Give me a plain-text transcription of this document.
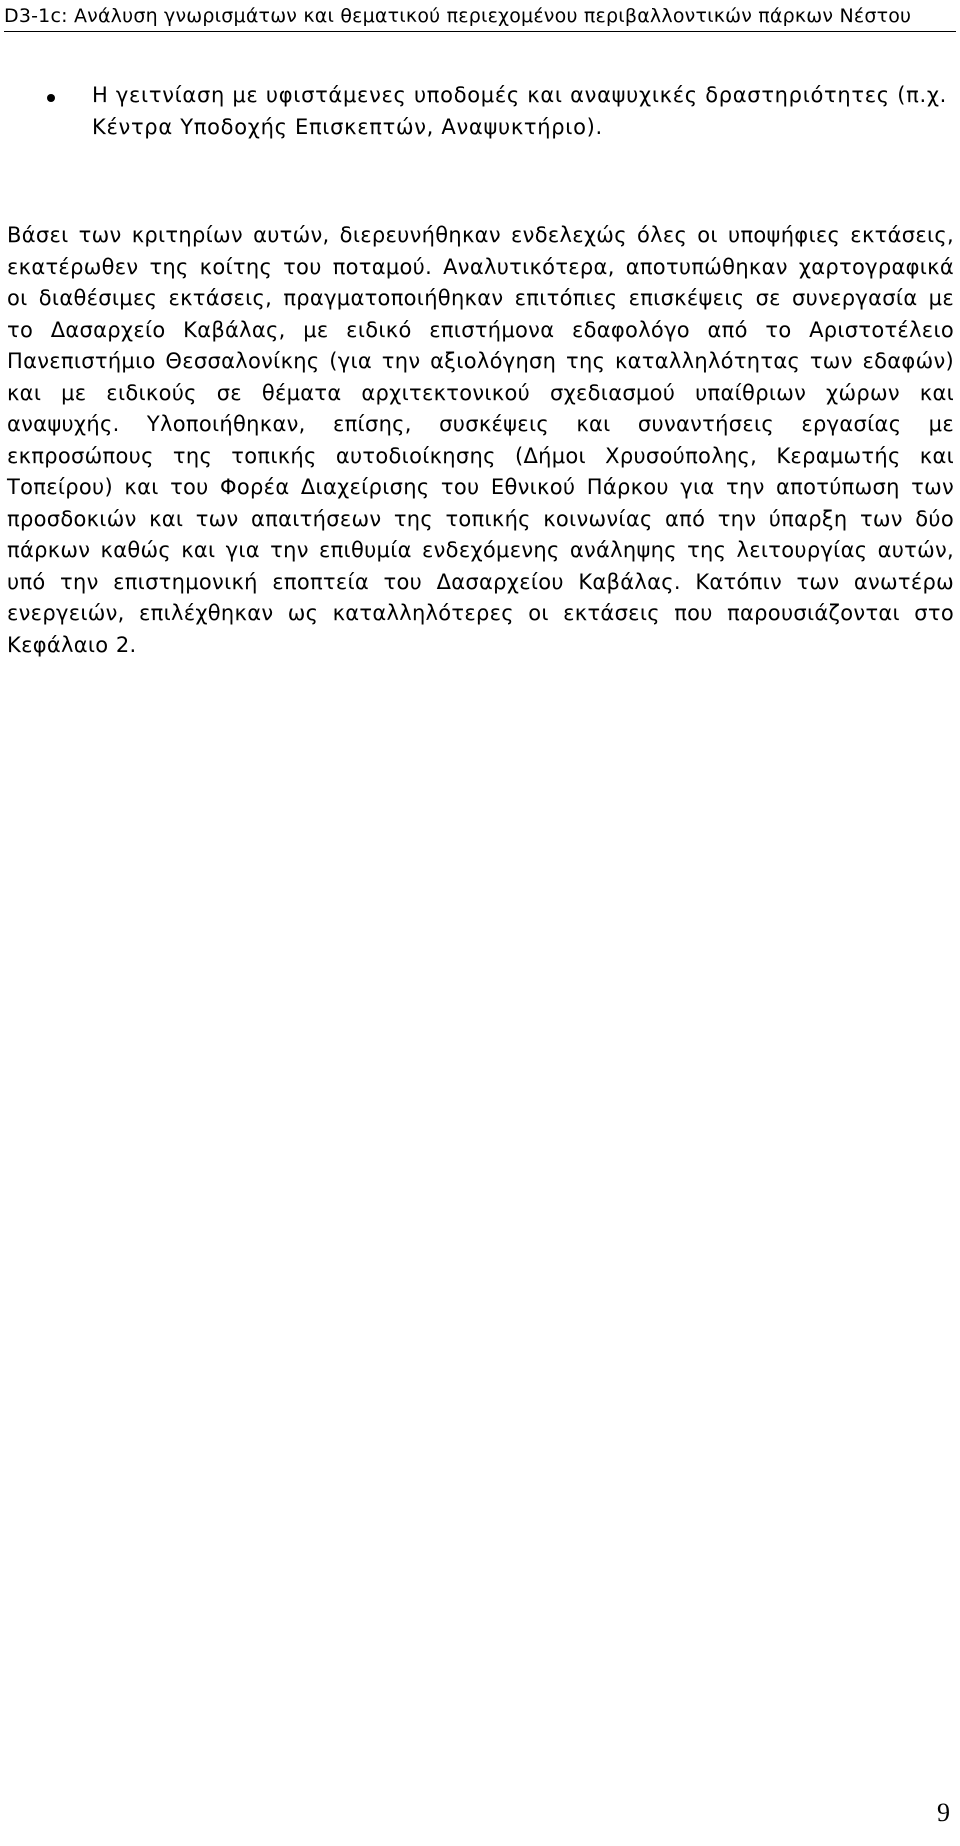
D3-1c: Ανάλυση γνωρισμάτων και θεματικού περιεχομένου περιβαλλοντικών πάρκων Νέστου
Η γειτνίαση με υφιστάμενες υποδομές και αναψυχικές δραστηριότητες (π.χ. Κέντρα Υποδοχής Επισκεπτών, Αναψυκτήριο).

Βάσει των κριτηρίων αυτών, διερευνήθηκαν ενδελεχώς όλες οι υποψήφιες εκτάσεις, εκατέρωθεν της κοίτης του ποταμού. Αναλυτικότερα, αποτυπώθηκαν χαρτογραφικά οι διαθέσιμες εκτάσεις, πραγματοποιήθηκαν επιτόπιες επισκέψεις σε συνεργασία με το Δασαρχείο Καβάλας, με ειδικό επιστήμονα εδαφολόγο από το Αριστοτέλειο Πανεπιστήμιο Θεσσαλονίκης (για την αξιολόγηση της καταλληλότητας των εδαφών) και με ειδικούς σε θέματα αρχιτεκτονικού σχεδιασμού υπαίθριων χώρων και αναψυχής. Υλοποιήθηκαν, επίσης, συσκέψεις και συναντήσεις εργασίας με εκπροσώπους της τοπικής αυτοδιοίκησης (Δήμοι Χρυσούπολης, Κεραμωτής και Τοπείρου) και του Φορέα Διαχείρισης του Εθνικού Πάρκου για την αποτύπωση των προσδοκιών και των απαιτήσεων της τοπικής κοινωνίας από την ύπαρξη των δύο πάρκων καθώς και για την επιθυμία ενδεχόμενης ανάληψης της λειτουργίας αυτών, υπό την επιστημονική εποπτεία του Δασαρχείου Καβάλας. Κατόπιν των ανωτέρω ενεργειών, επιλέχθηκαν ως καταλληλότερες οι εκτάσεις που παρουσιάζονται στο Κεφάλαιο 2.

9
